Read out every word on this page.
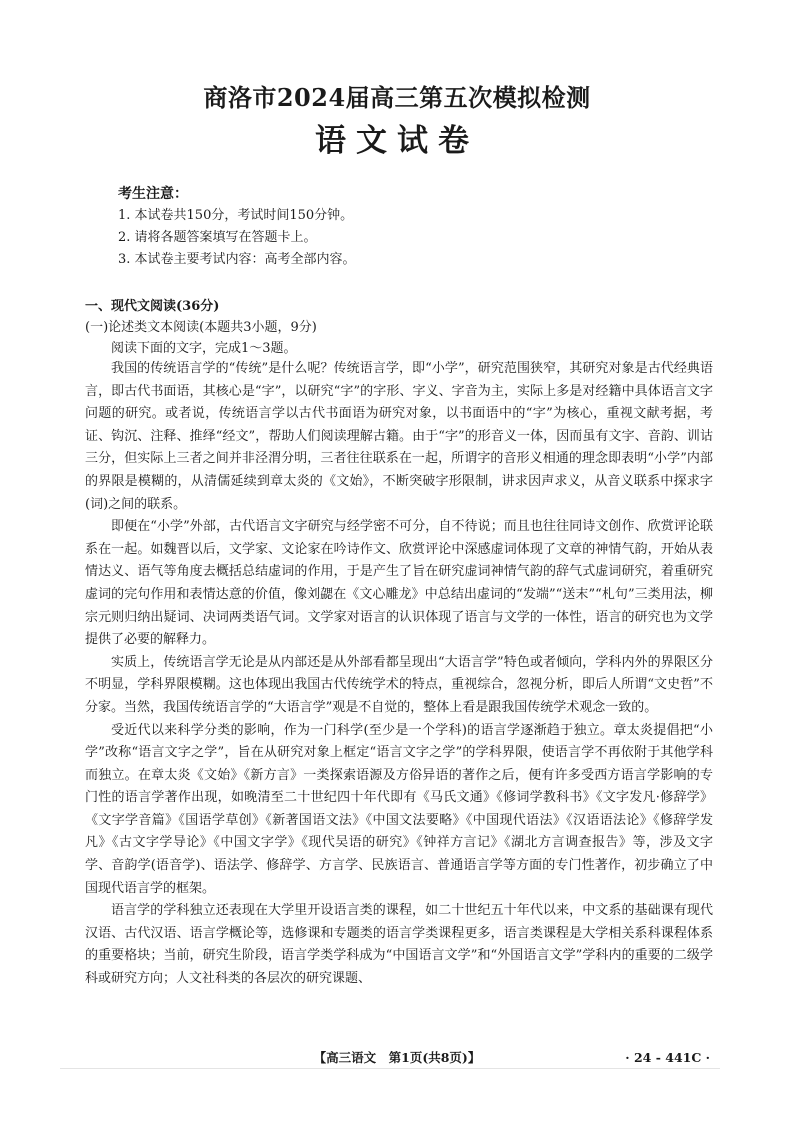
商洛市2024届高三第五次模拟检测
语文试卷
考生注意：
1. 本试卷共150分，考试时间150分钟。
2. 请将各题答案填写在答题卡上。
3. 本试卷主要考试内容：高考全部内容。
一、现代文阅读(36分)
(一)论述类文本阅读(本题共3小题，9分)
阅读下面的文字，完成1～3题。

我国的传统语言学的“传统”是什么呢？传统语言学，即“小学”，研究范围狭窄，其研究对象是古代经典语言，即古代书面语，其核心是“字”，以研究“字”的字形、字义、字音为主，实际上多是对经籍中具体语言文字问题的研究。或者说，传统语言学以古代书面语为研究对象，以书面语中的“字”为核心，重视文献考据，考证、钩沉、注释、推绎“经文”，帮助人们阅读理解古籍。由于“字”的形音义一体，因而虽有文字、音韵、训诂三分，但实际上三者之间并非泾渭分明，三者往往联系在一起，所谓字的音形义相通的理念即表明“小学”内部的界限是模糊的，从清儒延续到章太炎的《文始》，不断突破字形限制，讲求因声求义，从音义联系中探求字(词)之间的联系。

即便在“小学”外部，古代语言文字研究与经学密不可分，自不待说；而且也往往同诗文创作、欣赏评论联系在一起。如魏晋以后，文学家、文论家在吟诗作文、欣赏评论中深感虚词体现了文章的神情气韵，开始从表情达义、语气等角度去概括总结虚词的作用，于是产生了旨在研究虚词神情气韵的辞气式虚词研究，着重研究虚词的完句作用和表情达意的价值，像刘勰在《文心雕龙》中总结出虚词的“发端”“送末”“札句”三类用法，柳宗元则归纳出疑词、决词两类语气词。文学家对语言的认识体现了语言与文学的一体性，语言的研究也为文学提供了必要的解释力。

实质上，传统语言学无论是从内部还是从外部看都呈现出“大语言学”特色或者倾向，学科内外的界限区分不明显，学科界限模糊。这也体现出我国古代传统学术的特点，重视综合，忽视分析，即后人所谓“文史哲”不分家。当然，我国传统语言学的“大语言学”观是不自觉的，整体上看是跟我国传统学术观念一致的。

受近代以来科学分类的影响，作为一门科学(至少是一个学科)的语言学逐渐趋于独立。章太炎提倡把“小学”改称“语言文字之学”，旨在从研究对象上框定“语言文字之学”的学科界限，使语言学不再依附于其他学科而独立。在章太炎《文始》《新方言》一类探索语源及方俗异语的著作之后，便有许多受西方语言学影响的专门性的语言学著作出现，如晚清至二十世纪四十年代即有《马氏文通》《修词学教科书》《文字发凡·修辞学》《文字学音篇》《国语学草创》《新著国语文法》《中国文法要略》《中国现代语法》《汉语语法论》《修辞学发凡》《古文字学导论》《中国文字学》《现代吴语的研究》《钟祥方言记》《湖北方言调查报告》等，涉及文字学、音韵学(语音学)、语法学、修辞学、方言学、民族语言、普通语言学等方面的专门性著作，初步确立了中国现代语言学的框架。

语言学的学科独立还表现在大学里开设语言类的课程，如二十世纪五十年代以来，中文系的基础课有现代汉语、古代汉语、语言学概论等，选修课和专题类的语言学类课程更多，语言类课程是大学相关系科课程体系的重要格块；当前，研究生阶段，语言学类学科成为“中国语言文学”和“外国语言文学”学科内的重要的二级学科或研究方向；人文社科类的各层次的研究课题、

【高三语文　第1页(共8页)】	· 24 - 441C ·
